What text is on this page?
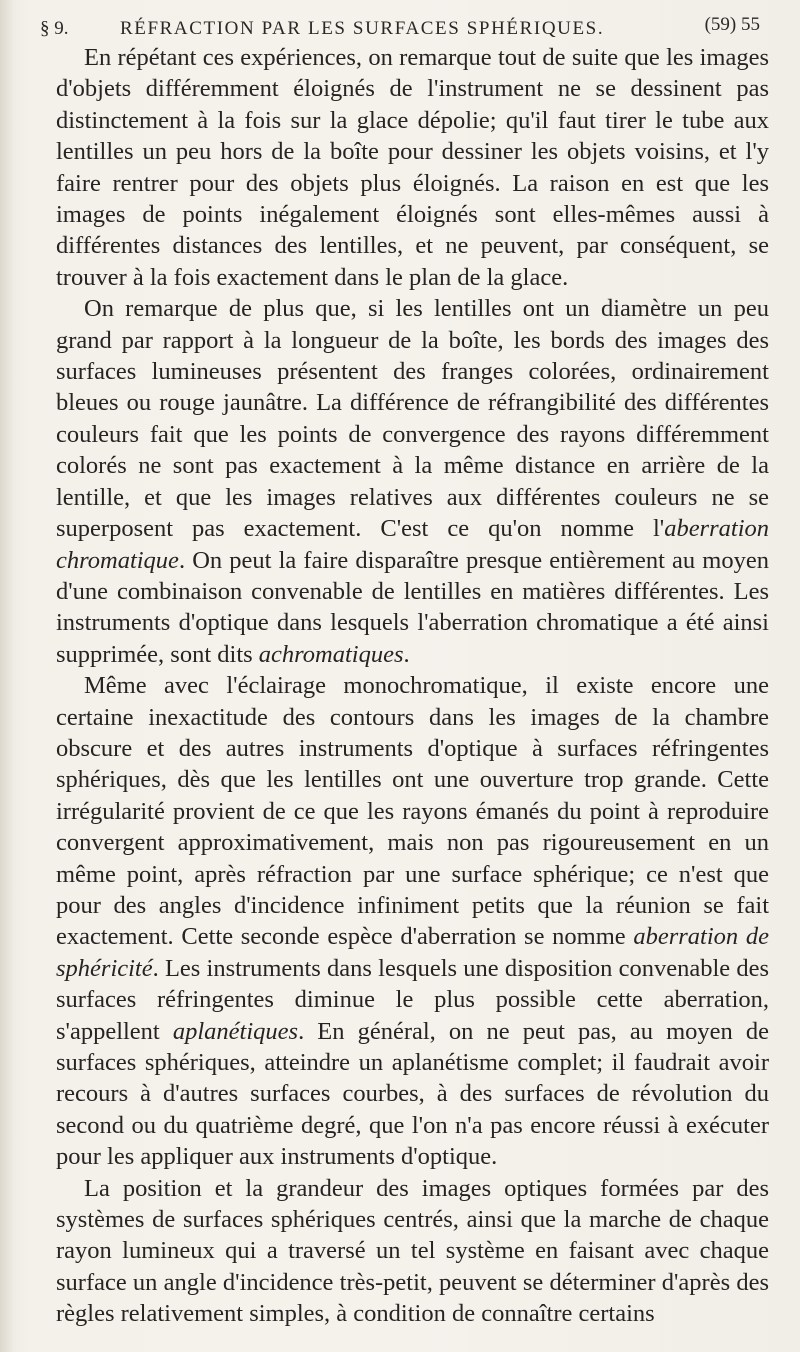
§ 9.	RÉFRACTION PAR LES SURFACES SPHÉRIQUES.	(59) 55

En répétant ces expériences, on remarque tout de suite que les images d'objets différemment éloignés de l'instrument ne se dessinent pas distinctement à la fois sur la glace dépolie; qu'il faut tirer le tube aux lentilles un peu hors de la boîte pour dessiner les objets voisins, et l'y faire rentrer pour des objets plus éloignés. La raison en est que les images de points inégalement éloignés sont elles-mêmes aussi à différentes distances des lentilles, et ne peuvent, par conséquent, se trouver à la fois exactement dans le plan de la glace.

On remarque de plus que, si les lentilles ont un diamètre un peu grand par rapport à la longueur de la boîte, les bords des images des surfaces lumineuses présentent des franges colorées, ordinairement bleues ou rouge jaunâtre. La différence de réfrangibilité des différentes couleurs fait que les points de convergence des rayons différemment colorés ne sont pas exactement à la même distance en arrière de la lentille, et que les images relatives aux différentes couleurs ne se superposent pas exactement. C'est ce qu'on nomme l'aberration chromatique. On peut la faire disparaître presque entièrement au moyen d'une combinaison convenable de lentilles en matières différentes. Les instruments d'optique dans lesquels l'aberration chromatique a été ainsi supprimée, sont dits achromatiques.

Même avec l'éclairage monochromatique, il existe encore une certaine inexactitude des contours dans les images de la chambre obscure et des autres instruments d'optique à surfaces réfringentes sphériques, dès que les lentilles ont une ouverture trop grande. Cette irrégularité provient de ce que les rayons émanés du point à reproduire convergent approximativement, mais non pas rigoureusement en un même point, après réfraction par une surface sphérique; ce n'est que pour des angles d'incidence infiniment petits que la réunion se fait exactement. Cette seconde espèce d'aberration se nomme aberration de sphéricité. Les instruments dans lesquels une disposition convenable des surfaces réfringentes diminue le plus possible cette aberration, s'appellent aplanétiques. En général, on ne peut pas, au moyen de surfaces sphériques, atteindre un aplanétisme complet; il faudrait avoir recours à d'autres surfaces courbes, à des surfaces de révolution du second ou du quatrième degré, que l'on n'a pas encore réussi à exécuter pour les appliquer aux instruments d'optique.

La position et la grandeur des images optiques formées par des systèmes de surfaces sphériques centrés, ainsi que la marche de chaque rayon lumineux qui a traversé un tel système en faisant avec chaque surface un angle d'incidence très-petit, peuvent se déterminer d'après des règles relativement simples, à condition de connaître certains
